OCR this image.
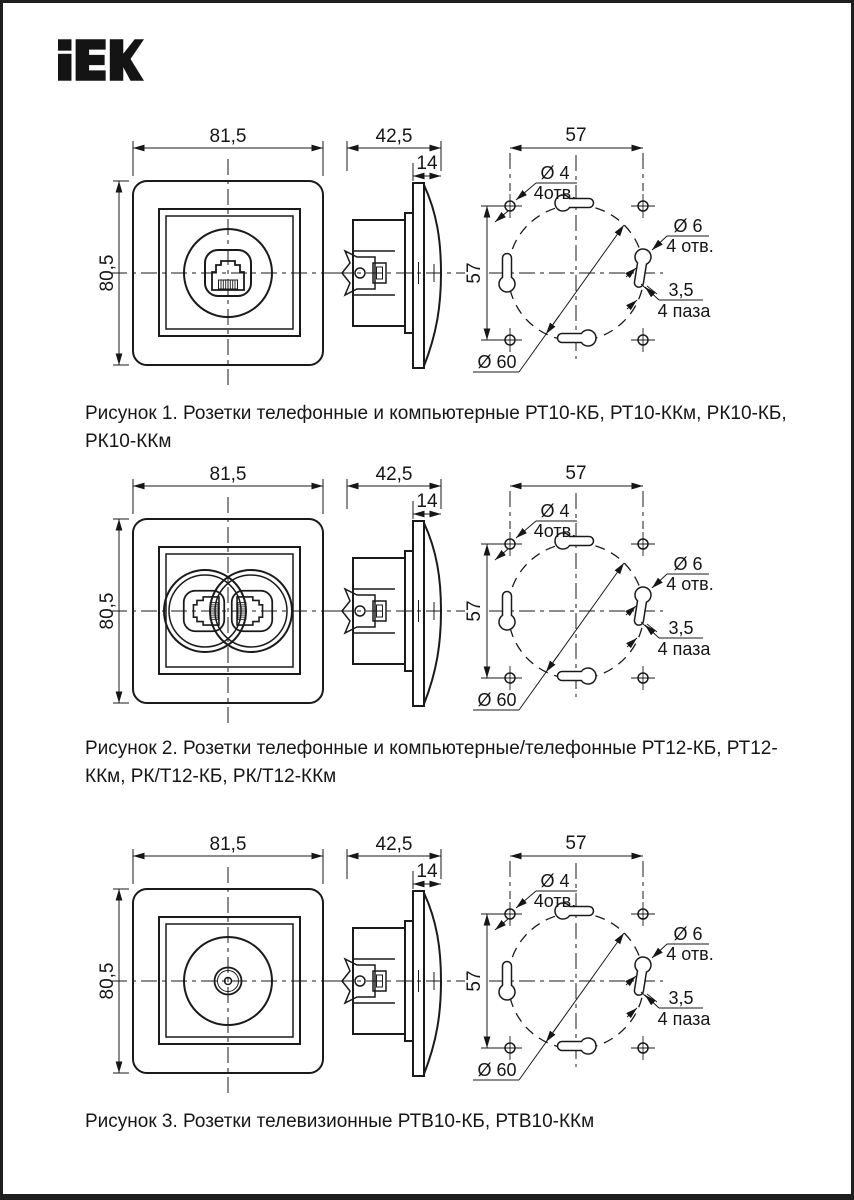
81,5
80,5
42,5
14
57
57
Ø 4
4отв.
Ø 6
4 отв.
3,5
4 паза
Ø 60
Рисунок 1. Розетки телефонные и компьютерные РТ10-КБ, РТ10-ККм, РК10-КБ, РК10-ККм
81,5
80,5
42,5
14
57
57
Ø 4
4отв.
Ø 6
4 отв.
3,5
4 паза
Ø 60
Рисунок 2. Розетки телефонные и компьютерные/телефонные РТ12-КБ, РТ12-ККм, РК/Т12-КБ, РК/Т12-ККм
81,5
80,5
42,5
14
57
57
Ø 4
4отв.
Ø 6
4 отв.
3,5
4 паза
Ø 60
Рисунок 3. Розетки телевизионные РТВ10-КБ, РТВ10-ККм
